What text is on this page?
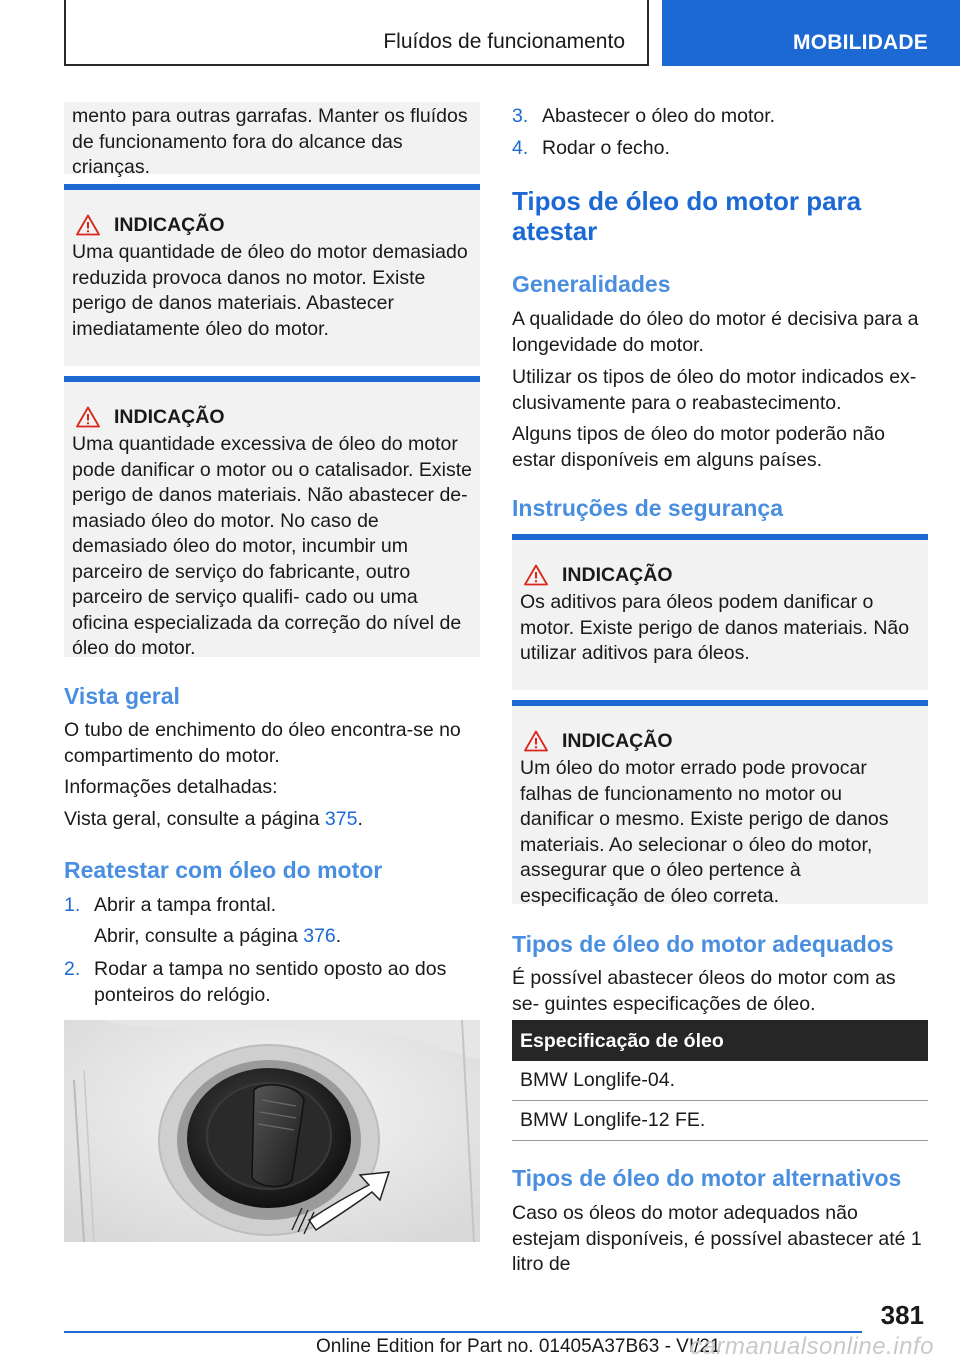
Fluídos de funcionamento	MOBILIDADE

mento para outras garrafas. Manter os fluídos de funcionamento fora do alcance das crianças.

INDICAÇÃO

Uma quantidade de óleo do motor demasiado reduzida provoca danos no motor. Existe perigo de danos materiais. Abastecer imediatamente óleo do motor.

INDICAÇÃO

Uma quantidade excessiva de óleo do motor pode danificar o motor ou o catalisador. Existe perigo de danos materiais. Não abastecer de- masiado óleo do motor. No caso de demasiado óleo do motor, incumbir um parceiro de serviço do fabricante, outro parceiro de serviço qualifi- cado ou uma oficina especializada da correção do nível de óleo do motor.

Vista geral

O tubo de enchimento do óleo encontra-se no compartimento do motor.

Informações detalhadas:

Vista geral, consulte a página 375.

Reatestar com óleo do motor
1. Abrir a tampa frontal.
Abrir, consulte a página 376.
2. Rodar a tampa no sentido oposto ao dos ponteiros do relógio.
3. Abastecer o óleo do motor.
4. Rodar o fecho.
Tipos de óleo do motor para atestar
Generalidades

A qualidade do óleo do motor é decisiva para a longevidade do motor.

Utilizar os tipos de óleo do motor indicados ex- clusivamente para o reabastecimento.

Alguns tipos de óleo do motor poderão não estar disponíveis em alguns países.

Instruções de segurança
INDICAÇÃO

Os aditivos para óleos podem danificar o motor. Existe perigo de danos materiais. Não utilizar aditivos para óleos.

INDICAÇÃO

Um óleo do motor errado pode provocar falhas de funcionamento no motor ou danificar o mesmo. Existe perigo de danos materiais. Ao selecionar o óleo do motor, assegurar que o óleo pertence à especificação de óleo correta.

Tipos de óleo do motor adequados

É possível abastecer óleos do motor com as se- guintes especificações de óleo.

Especificação de óleo
BMW Longlife-04.
BMW Longlife-12 FE.
Tipos de óleo do motor alternativos

Caso os óleos do motor adequados não estejam disponíveis, é possível abastecer até 1 litro de

381
Online Edition for Part no. 01405A37B63 - VI/21
carmanualsonline.info
